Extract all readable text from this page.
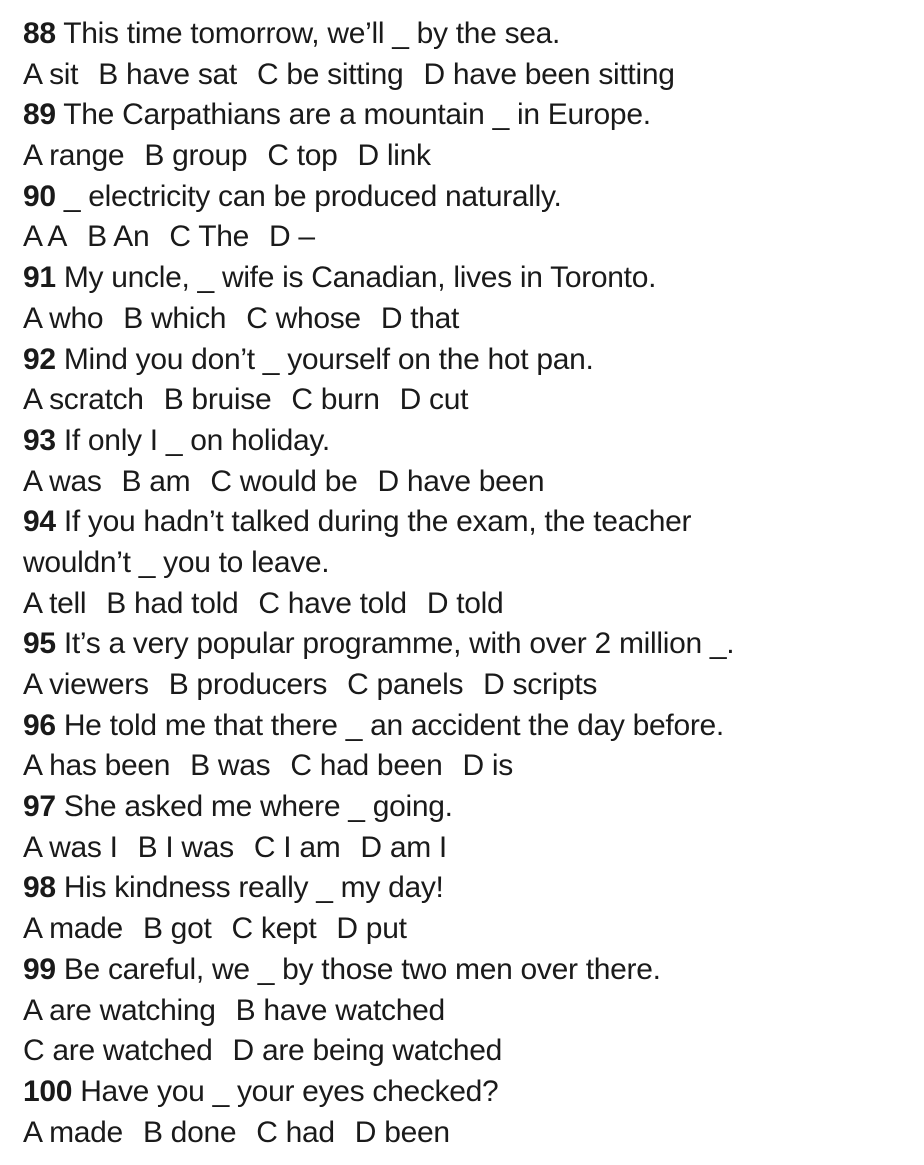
88 This time tomorrow, we’ll _ by the sea.
A sit B have sat C be sitting D have been sitting
89 The Carpathians are a mountain _ in Europe.
A range B group C top D link
90 _ electricity can be produced naturally.
A A B An C The D –
91 My uncle, _ wife is Canadian, lives in Toronto.
A who B which C whose D that
92 Mind you don’t _ yourself on the hot pan.
A scratch B bruise C burn D cut
93 If only I _ on holiday.
A was B am C would be D have been
94 If you hadn’t talked during the exam, the teacher
wouldn’t _ you to leave.
A tell B had told C have told D told
95 It’s a very popular programme, with over 2 million _.
A viewers B producers C panels D scripts
96 He told me that there _ an accident the day before.
A has been B was C had been D is
97 She asked me where _ going.
A was I B I was C I am D am I
98 His kindness really _ my day!
A made B got C kept D put
99 Be careful, we _ by those two men over there.
A are watching B have watched
C are watched D are being watched
100 Have you _ your eyes checked?
A made B done C had D been
